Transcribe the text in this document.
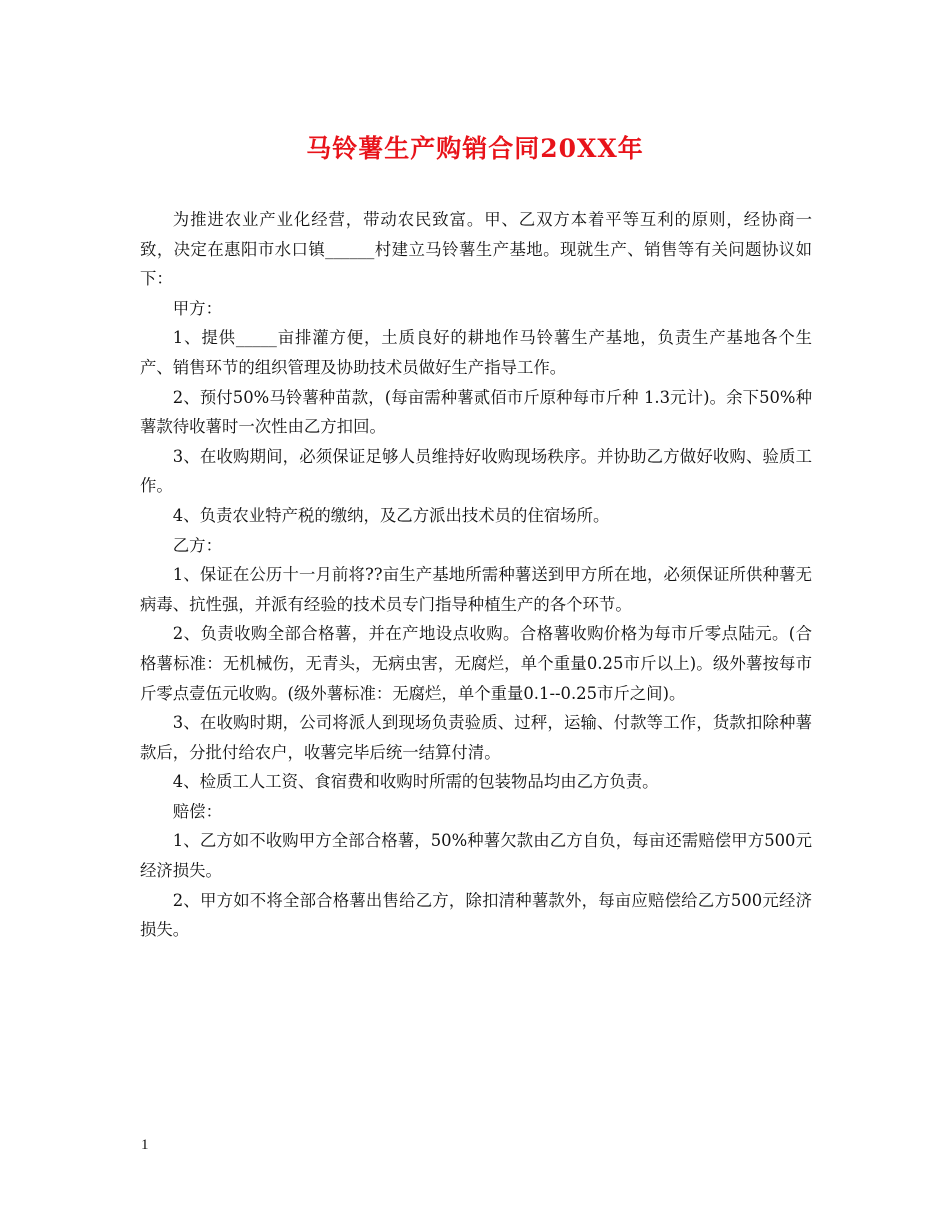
马铃薯生产购销合同20XX年

为推进农业产业化经营，带动农民致富。甲、乙双方本着平等互利的原则，经协商一致，决定在惠阳市水口镇______村建立马铃薯生产基地。现就生产、销售等有关问题协议如下：

甲方：

1、提供_____亩排灌方便，土质良好的耕地作马铃薯生产基地，负责生产基地各个生产、销售环节的组织管理及协助技术员做好生产指导工作。

2、预付50%马铃薯种苗款，(每亩需种薯贰佰市斤原种每市斤种 1.3元计)。余下50%种薯款待收薯时一次性由乙方扣回。

3、在收购期间，必须保证足够人员维持好收购现场秩序。并协助乙方做好收购、验质工作。

4、负责农业特产税的缴纳，及乙方派出技术员的住宿场所。

乙方：

1、保证在公历十一月前将??亩生产基地所需种薯送到甲方所在地，必须保证所供种薯无病毒、抗性强，并派有经验的技术员专门指导种植生产的各个环节。

2、负责收购全部合格薯，并在产地设点收购。合格薯收购价格为每市斤零点陆元。(合格薯标准：无机械伤，无青头，无病虫害，无腐烂，单个重量0.25市斤以上)。级外薯按每市斤零点壹伍元收购。(级外薯标准：无腐烂，单个重量0.1--0.25市斤之间)。

3、在收购时期，公司将派人到现场负责验质、过秤，运输、付款等工作，货款扣除种薯款后，分批付给农户，收薯完毕后统一结算付清。

4、检质工人工资、食宿费和收购时所需的包装物品均由乙方负责。

赔偿：

1、乙方如不收购甲方全部合格薯，50%种薯欠款由乙方自负，每亩还需赔偿甲方500元经济损失。

2、甲方如不将全部合格薯出售给乙方，除扣清种薯款外，每亩应赔偿给乙方500元经济损失。

1
